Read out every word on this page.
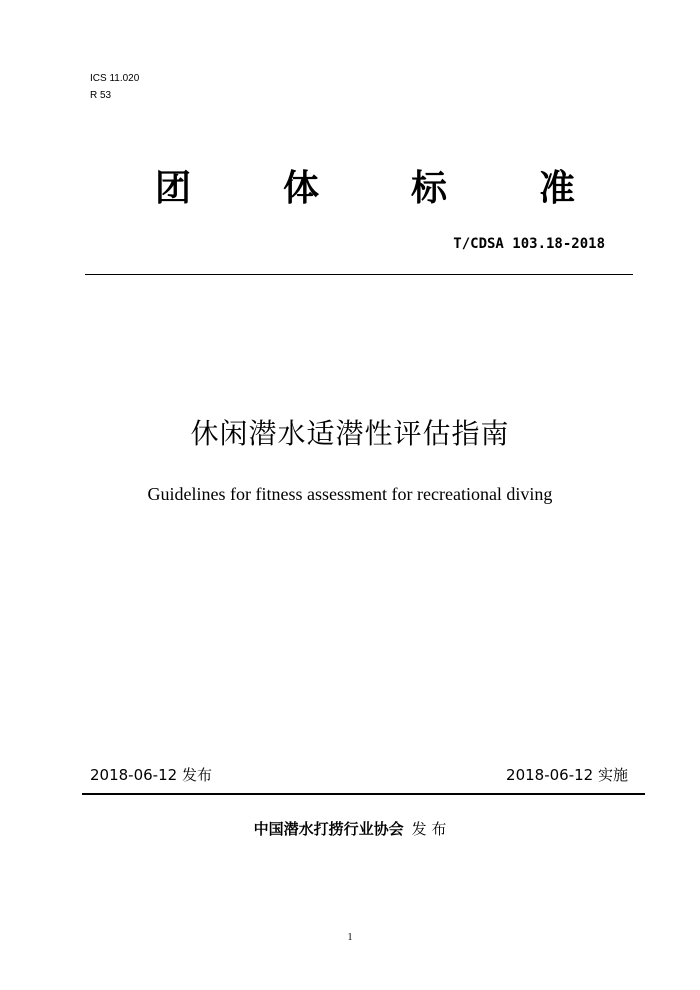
ICS 11.020
R 53
团	体	标	准
T/CDSA 103.18-2018
休闲潜水适潜性评估指南
Guidelines for fitness assessment for recreational diving
2018-06-12 发布	2018-06-12 实施
中国潜水打捞行业协会 发 布
1
